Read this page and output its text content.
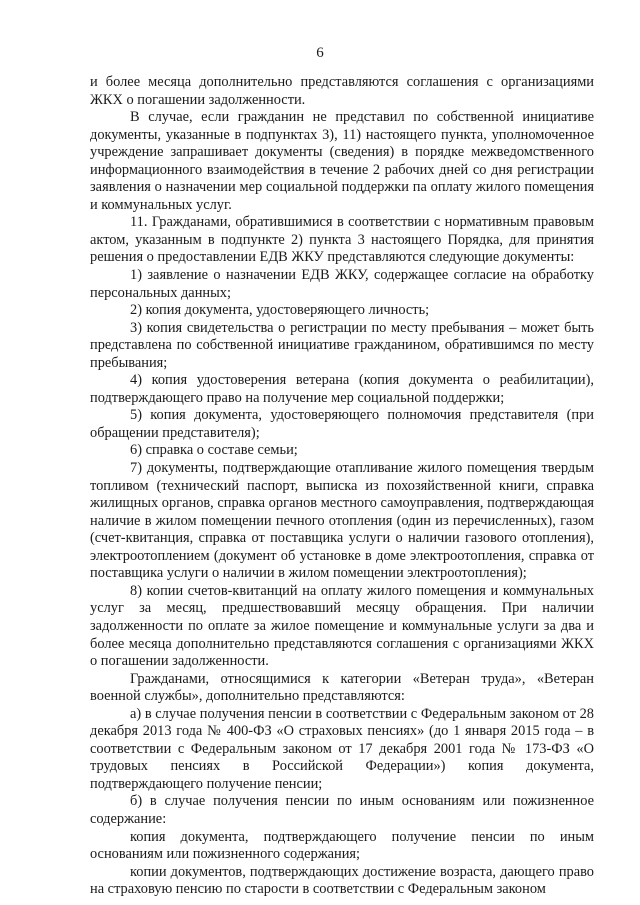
6

и более месяца дополнительно представляются соглашения с организациями ЖКХ о погашении задолженности.

В случае, если гражданин не представил по собственной инициативе документы, указанные в подпунктах 3), 11) настоящего пункта, уполномоченное учреждение запрашивает документы (сведения) в порядке межведомственного информационного взаимодействия в течение 2 рабочих дней со дня регистрации заявления о назначении мер социальной поддержки па оплату жилого помещения и коммунальных услуг.

11. Гражданами, обратившимися в соответствии с нормативным правовым актом, указанным в подпункте 2) пункта 3 настоящего Порядка, для принятия решения о предоставлении ЕДВ ЖКУ представляются следующие документы:

1) заявление о назначении ЕДВ ЖКУ, содержащее согласие на обработку персональных данных;

2) копия документа, удостоверяющего личность;

3) копия свидетельства о регистрации по месту пребывания – может быть представлена по собственной инициативе гражданином, обратившимся по месту пребывания;

4) копия удостоверения ветерана (копия документа о реабилитации), подтверждающего право на получение мер социальной поддержки;

5) копия документа, удостоверяющего полномочия представителя (при обращении представителя);

6) справка о составе семьи;

7) документы, подтверждающие отапливание жилого помещения твердым топливом (технический паспорт, выписка из похозяйственной книги, справка жилищных органов, справка органов местного самоуправления, подтверждающая наличие в жилом помещении печного отопления (один из перечисленных), газом (счет-квитанция, справка от поставщика услуги о наличии газового отопления), электроотоплением (документ об установке в доме электроотопления, справка от поставщика услуги о наличии в жилом помещении электроотопления);

8) копии счетов-квитанций на оплату жилого помещения и коммунальных услуг за месяц, предшествовавший месяцу обращения. При наличии задолженности по оплате за жилое помещение и коммунальные услуги за два и более месяца дополнительно представляются соглашения с организациями ЖКХ о погашении задолженности.

Гражданами, относящимися к категории «Ветеран труда», «Ветеран военной службы», дополнительно представляются:

а) в случае получения пенсии в соответствии с Федеральным законом от 28 декабря 2013 года № 400-ФЗ «О страховых пенсиях» (до 1 января 2015 года – в соответствии с Федеральным законом от 17 декабря 2001 года № 173-ФЗ «О трудовых пенсиях в Российской Федерации») копия документа, подтверждающего получение пенсии;

б) в случае получения пенсии по иным основаниям или пожизненное содержание:

копия документа, подтверждающего получение пенсии по иным основаниям или пожизненного содержания;

копии документов, подтверждающих достижение возраста, дающего право на страховую пенсию по старости в соответствии с Федеральным законом
